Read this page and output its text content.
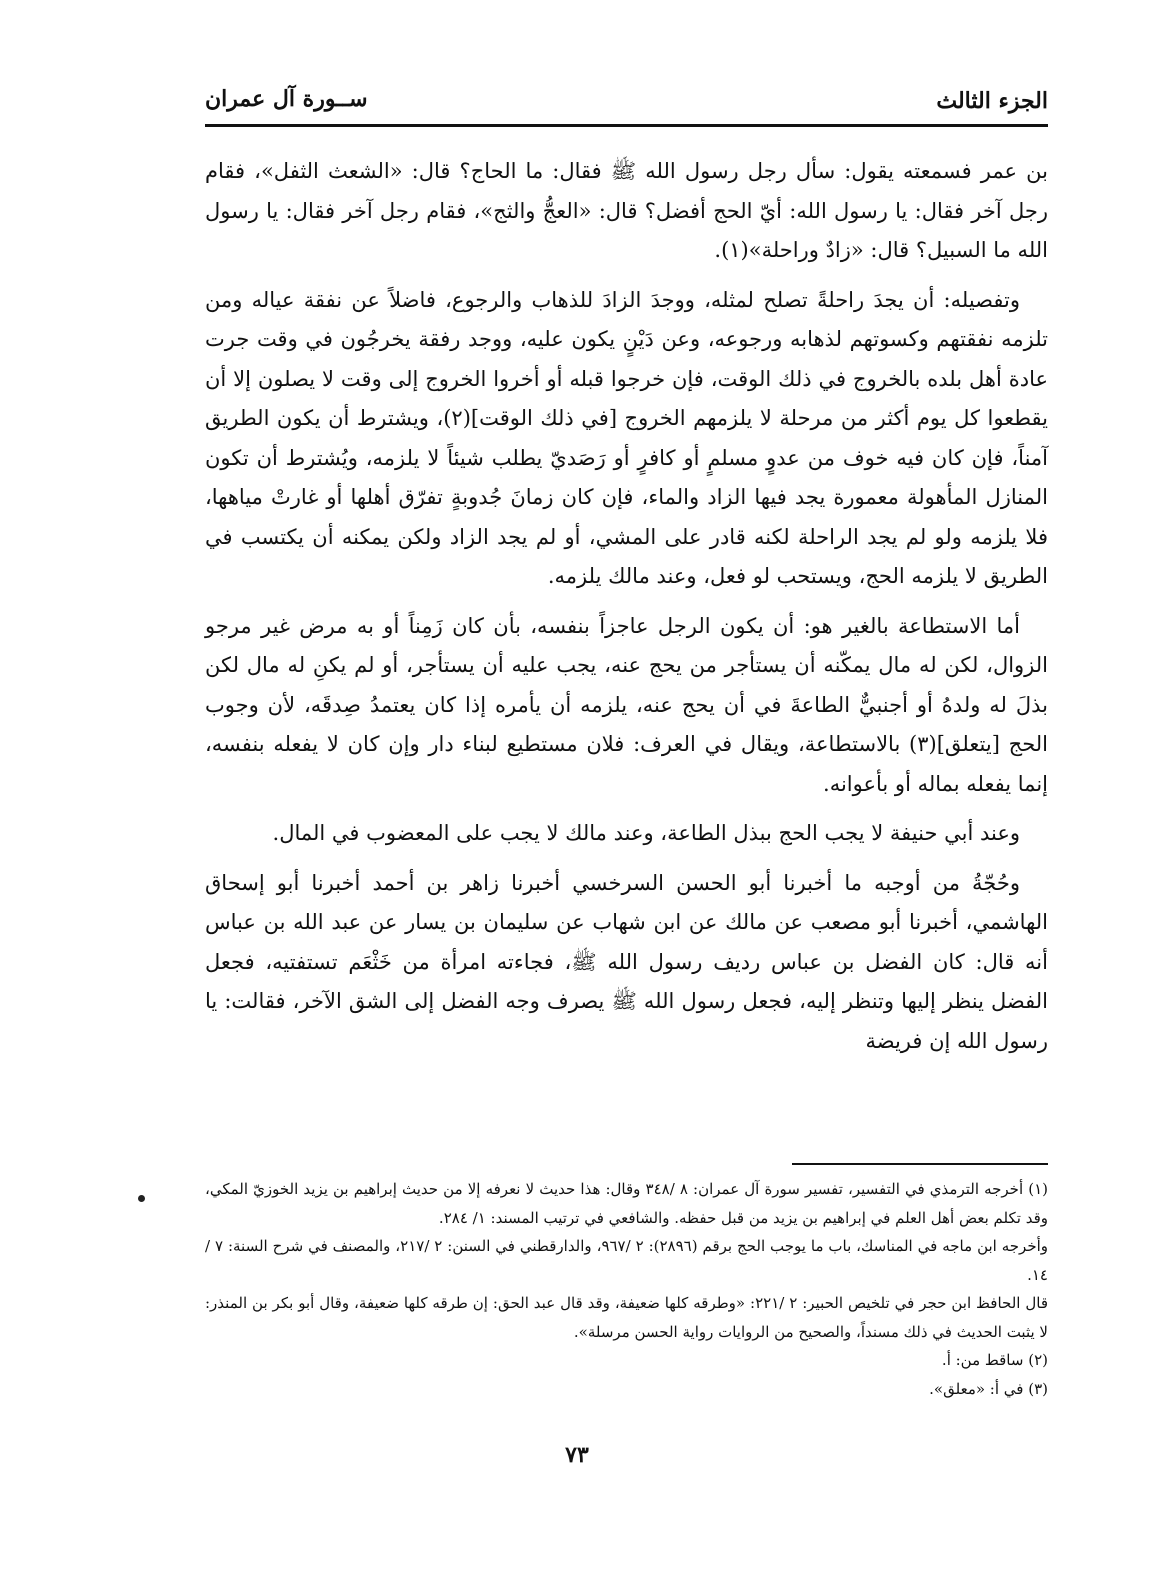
الجزء الثالث
ســورة آل عمران

بن عمر فسمعته يقول: سأل رجل رسول الله ﷺ فقال: ما الحاج؟ قال: «الشعث الثفل»، فقام رجل آخر فقال: يا رسول الله: أيّ الحج أفضل؟ قال: «العجُّ والثج»، فقام رجل آخر فقال: يا رسول الله ما السبيل؟ قال: «زادٌ وراحلة»(١).

وتفصيله: أن يجدَ راحلةً تصلح لمثله، ووجدَ الزادَ للذهاب والرجوع، فاضلاً عن نفقة عياله ومن تلزمه نفقتهم وكسوتهم لذهابه ورجوعه، وعن دَيْنٍ يكون عليه، ووجد رفقة يخرجُون في وقت جرت عادة أهل بلده بالخروج في ذلك الوقت، فإن خرجوا قبله أو أخروا الخروج إلى وقت لا يصلون إلا أن يقطعوا كل يوم أكثر من مرحلة لا يلزمهم الخروج [في ذلك الوقت](٢)، ويشترط أن يكون الطريق آمناً، فإن كان فيه خوف من عدوٍ مسلمٍ أو كافرٍ أو رَصَديّ يطلب شيئاً لا يلزمه، ويُشترط أن تكون المنازل المأهولة معمورة يجد فيها الزاد والماء، فإن كان زمانَ جُدوبةٍ تفرّق أهلها أو غارتْ مياهها، فلا يلزمه ولو لم يجد الراحلة لكنه قادر على المشي، أو لم يجد الزاد ولكن يمكنه أن يكتسب في الطريق لا يلزمه الحج، ويستحب لو فعل، وعند مالك يلزمه.

أما الاستطاعة بالغير هو: أن يكون الرجل عاجزاً بنفسه، بأن كان زَمِناً أو به مرض غير مرجو الزوال، لكن له مال يمكّنه أن يستأجر من يحج عنه، يجب عليه أن يستأجر، أو لم يكنِ له مال لكن بذلَ له ولدهُ أو أجنبيٌّ الطاعةَ في أن يحج عنه، يلزمه أن يأمره إذا كان يعتمدُ صِدقَه، لأن وجوب الحج [يتعلق](٣) بالاستطاعة، ويقال في العرف: فلان مستطيع لبناء دار وإن كان لا يفعله بنفسه، إنما يفعله بماله أو بأعوانه.

وعند أبي حنيفة لا يجب الحج ببذل الطاعة، وعند مالك لا يجب على المعضوب في المال.

وحُجّةُ من أوجبه ما أخبرنا أبو الحسن السرخسي أخبرنا زاهر بن أحمد أخبرنا أبو إسحاق الهاشمي، أخبرنا أبو مصعب عن مالك عن ابن شهاب عن سليمان بن يسار عن عبد الله بن عباس أنه قال: كان الفضل بن عباس رديف رسول الله ﷺ، فجاءته امرأة من خَثْعَم تستفتيه، فجعل الفضل ينظر إليها وتنظر إليه، فجعل رسول الله ﷺ يصرف وجه الفضل إلى الشق الآخر، فقالت: يا رسول الله إن فريضة

(١) أخرجه الترمذي في التفسير، تفسير سورة آل عمران: ٨ /٣٤٨ وقال: هذا حديث لا نعرفه إلا من حديث إبراهيم بن يزيد الخوزيّ المكي، وقد تكلم بعض أهل العلم في إبراهيم بن يزيد من قبل حفظه. والشافعي في ترتيب المسند: ١/ ٢٨٤.

وأخرجه ابن ماجه في المناسك، باب ما يوجب الحج برقم (٢٨٩٦): ٢ /٩٦٧، والدارقطني في السنن: ٢ /٢١٧، والمصنف في شرح السنة: ٧ /١٤.

قال الحافظ ابن حجر في تلخيص الحبير: ٢ /٢٢١: «وطرقه كلها ضعيفة، وقد قال عبد الحق: إن طرقه كلها ضعيفة، وقال أبو بكر بن المنذر: لا يثبت الحديث في ذلك مسنداً، والصحيح من الروايات رواية الحسن مرسلة».

(٢) ساقط من: أ.

(٣) في أ: «معلق».

٧٣
